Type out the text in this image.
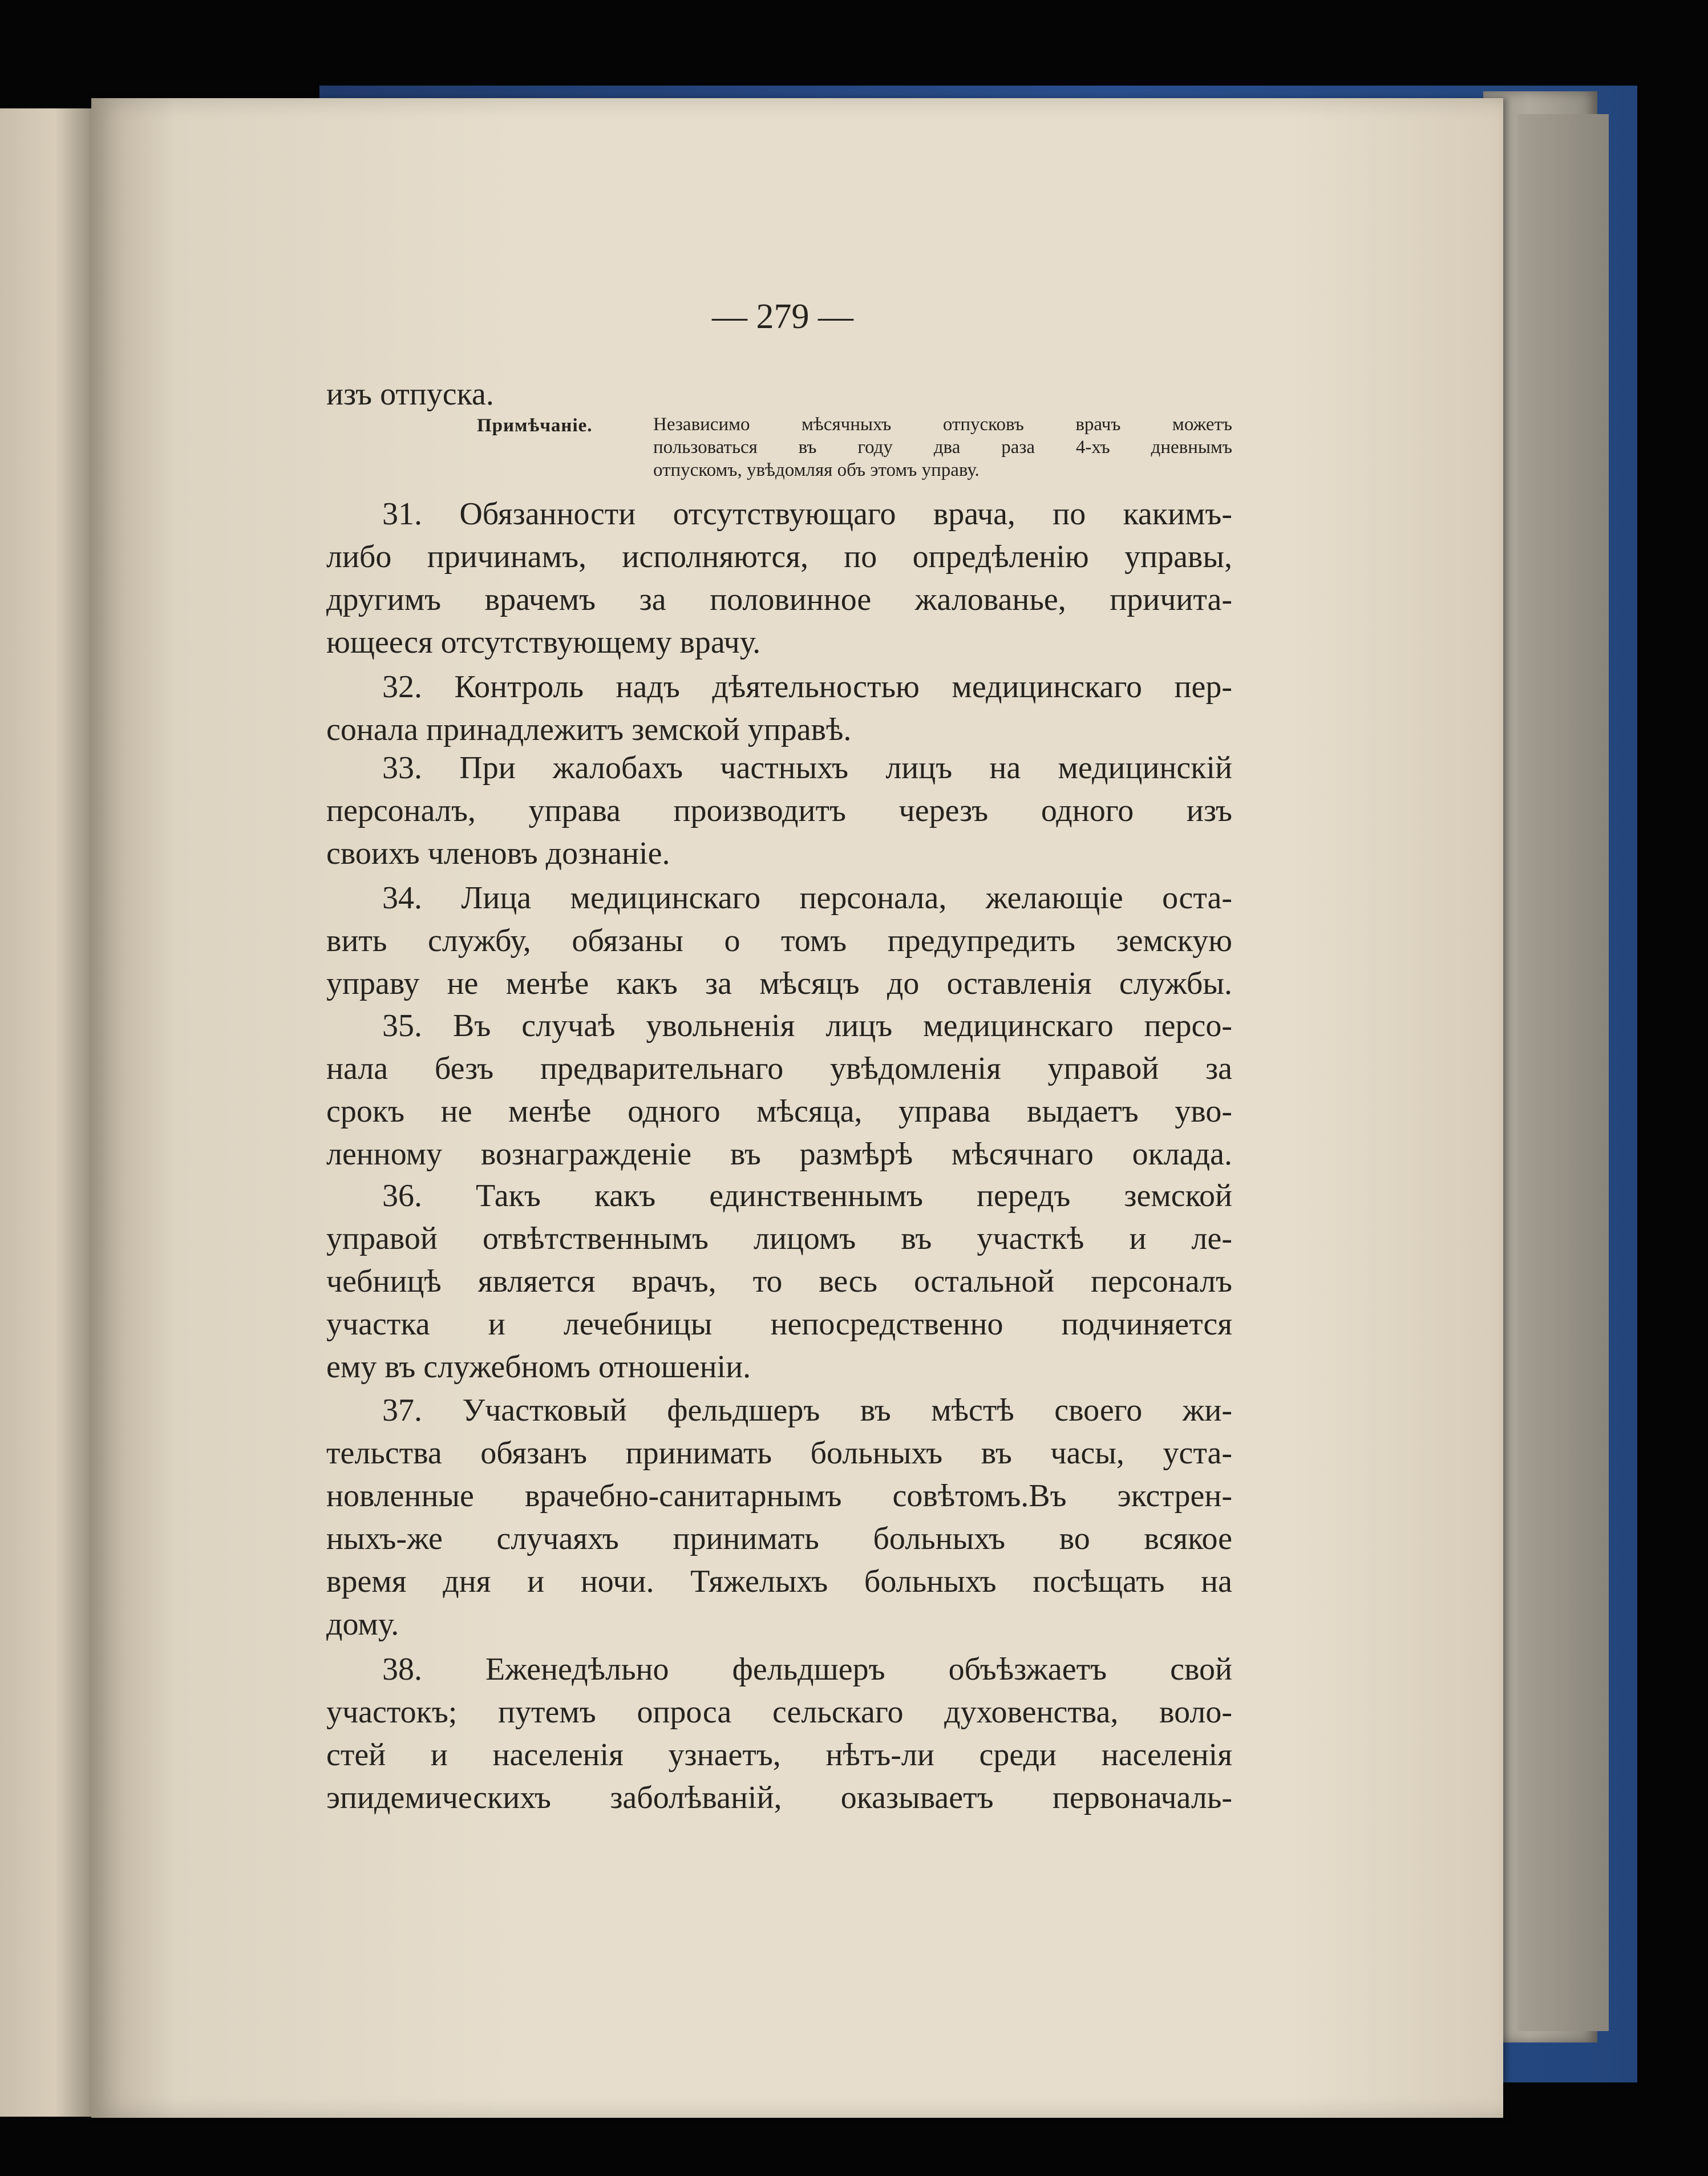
— 279 —
изъ отпуска.
Примѣчаніе.	Независимо мѣсячныхъ отпусковъ врачъ можетъ
пользоваться въ году два раза 4-хъ дневнымъ
отпускомъ, увѣдомляя объ этомъ управу.
31. Обязанности отсутствующаго врача, по какимъ-
либо причинамъ, исполняются, по опредѣленію управы,
другимъ врачемъ за половинное жалованье, причита-
ющееся отсутствующему врачу.
32. Контроль надъ дѣятельностью медицинскаго пер-
сонала принадлежитъ земской управѣ.
33. При жалобахъ частныхъ лицъ на медицинскій
персоналъ, управа производитъ черезъ одного изъ
своихъ членовъ дознаніе.
34. Лица медицинскаго персонала, желающіе оста-
вить службу, обязаны о томъ предупредить земскую
управу не менѣе какъ за мѣсяцъ до оставленія службы.
35. Въ случаѣ увольненія лицъ медицинскаго персо-
нала безъ предварительнаго увѣдомленія управой за
срокъ не менѣе одного мѣсяца, управа выдаетъ уво-
ленному вознагражденіе въ размѣрѣ мѣсячнаго оклада.
36. Такъ какъ единственнымъ передъ земской
управой отвѣтственнымъ лицомъ въ участкѣ и ле-
чебницѣ является врачъ, то весь остальной персоналъ
участка и лечебницы непосредственно подчиняется
ему въ служебномъ отношеніи.
37. Участковый фельдшеръ въ мѣстѣ своего жи-
тельства обязанъ принимать больныхъ въ часы, уста-
новленные врачебно-санитарнымъ совѣтомъ.Въ экстрен-
ныхъ-же случаяхъ принимать больныхъ во всякое
время дня и ночи. Тяжелыхъ больныхъ посѣщать на
дому.
38. Еженедѣльно фельдшеръ объѣзжаетъ свой
участокъ; путемъ опроса сельскаго духовенства, воло-
стей и населенія узнаетъ, нѣтъ-ли среди населенія
эпидемическихъ заболѣваній, оказываетъ первоначаль-
